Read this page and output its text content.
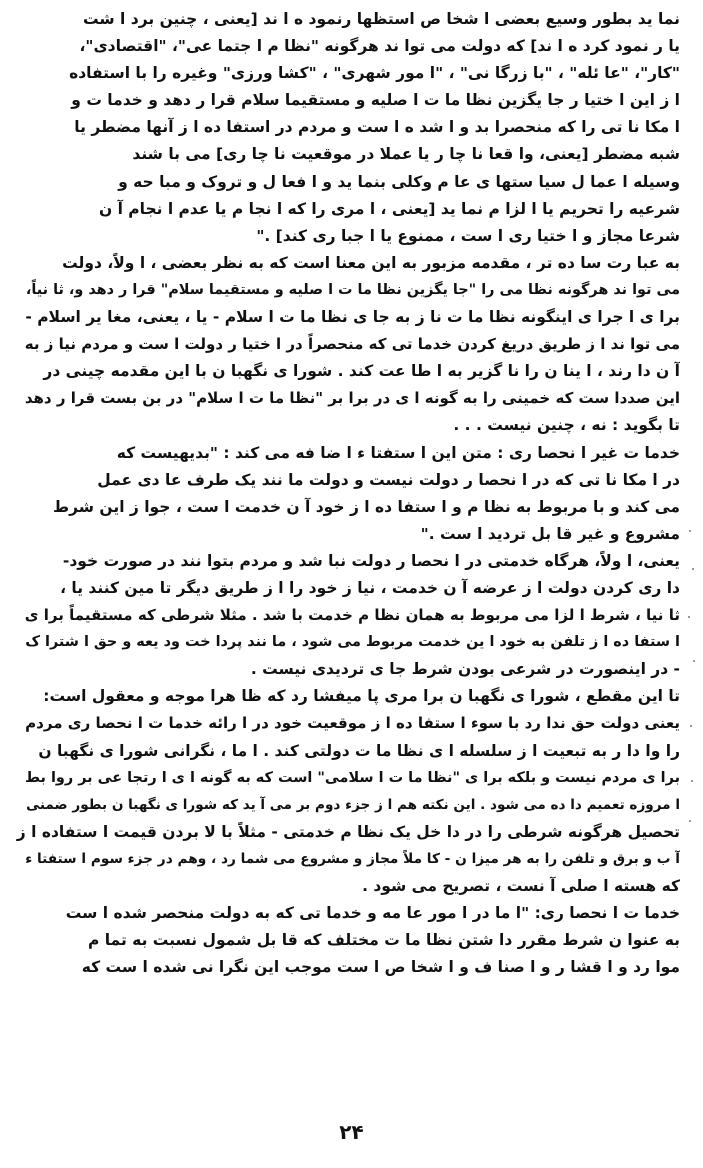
نما ید بطور وسیع بعضی ا شخا ص استظها رنمود ه ا ند [یعنی ، چنین برد ا شت
یا ر نمود کرد ه ا ند] که دولت می توا ند هرگونه "نظا م ا جتما عی"، "اقتصادی"،
"کار"، "عا ئله" ، "با زرگا نی" ، "ا مور شهری" ، "کشا ورزی" وغیره را با استفاده
ا ز این ا ختیا ر جا یگزین نظا ما ت ا صلیه و مستقیما سلام قرا ر دهد و خدما ت و
ا مکا نا تی را که منحصرا بد و ا شد ه ا ست و مردم در استفا ده ا ز آنها مضطر یا
شبه مضطر [یعنی، وا قعا نا چا ر یا عملا در موقعیت نا چا ری] می با شند
وسیله ا عما ل سیا ستها ی عا م وکلی بنما ید و ا فعا ل و تروک و مبا حه و
شرعیه را تحریم یا ا لزا م نما ید [یعنی ، ا مری را که ا نجا م یا عدم ا نجام آ ن
شرعا مجاز و ا ختیا ری ا ست ، ممنوع یا ا جبا ری کند] ."
به عبا رت سا ده تر ، مقدمه مزبور به این معنا است که به نظر بعضی ، ا ولاً، دولت
می توا ند هرگونه نظا می را "جا یگزین نظا ما ت ا صلیه و مستقیما سلام" قرا ر دهد و، ثا نیاً،
برا ی ا جرا ی اینگونه نظا ما ت نا ز به جا ی نظا ما ت ا سلام - یا ، یعنی، مغا یر اسلام -
می توا ند ا ز طریق دریغ کردن خدما تی که منحصراً در ا ختیا ر دولت ا ست و مردم نیا ز به
آ ن دا رند ، ا ینا ن را نا گزیر به ا طا عت کند . شورا ی نگهبا ن با این مقدمه چینی در
این صددا ست که خمینی را به گونه ا ی در برا بر "نظا ما ت ا سلام" در بن بست قرا ر دهد
تا بگوید : نه ، چنین نیست . . .
خدما ت غیر ا نحصا ری : متن این ا ستفتا ء ا ضا فه می کند : "بدیهیست که
در ا مکا نا تی که در ا نحصا ر دولت نیست و دولت ما نند یک طرف عا دی عمل
می کند و با مربوط به نظا م و ا ستفا ده ا ز خود آ ن خدمت ا ست ، جوا ز این شرط
مشروع و غیر قا بل تردید ا ست ."
یعنی، ا ولاً، هرگاه خدمتی در ا نحصا ر دولت نبا شد و مردم بتوا نند در صورت خود-
دا ری کردن دولت ا ز عرضه آ ن خدمت ، نیا ز خود را ا ز طریق دیگر تا مین کنند یا ،
ثا نیا ، شرط ا لزا می مربوط به همان نظا م خدمت با شد . مثلا شرطی که مستقیماً برا ی
ا ستفا ده ا ز تلفن به خود ا ین خدمت مربوط می شود ، ما نند پردا خت ود یعه و حق ا شترا ک
- در اینصورت در شرعی بودن شرط جا ی تردیدی نیست .
تا این مقطع ، شورا ی نگهبا ن برا مری پا میفشا رد که ظا هرا موجه و معقول است:
یعنی دولت حق ندا رد با سوء ا ستفا ده ا ز موقعیت خود در ا رائه خدما ت ا نحصا ری مردم
را وا دا ر به تبعیت ا ز سلسله ا ی نظا ما ت دولتی کند . ا ما ، نگرانی شورا ی نگهبا ن
برا ی مردم نیست و بلکه برا ی "نظا ما ت ا سلامی" است که به گونه ا ی ا رتجا عی بر روا بط
ا مروزه تعمیم دا ده می شود . این نکته هم ا ز جزء دوم بر می آ ید که شورا ی نگهبا ن بطور ضمنی
تحصیل هرگونه شرطی را در دا خل یک نظا م خدمتی - مثلاً با لا بردن قیمت ا ستفاده ا ز
آ ب و برق و تلفن را به هر میزا ن - کا ملاً مجاز و مشروع می شما رد ، وهم در جزء سوم ا ستفتا ء
که هسته ا صلی آ نست ، تصریح می شود .
خدما ت ا نحصا ری: "ا ما در ا مور عا مه و خدما تی که به دولت منحصر شده ا ست
به عنوا ن شرط مقرر دا شتن نظا ما ت مختلف که قا بل شمول نسبت به تما م
موا رد و ا قشا ر و ا صنا ف و ا شخا ص ا ست موجب این نگرا نی شده ا ست که
۲۴
